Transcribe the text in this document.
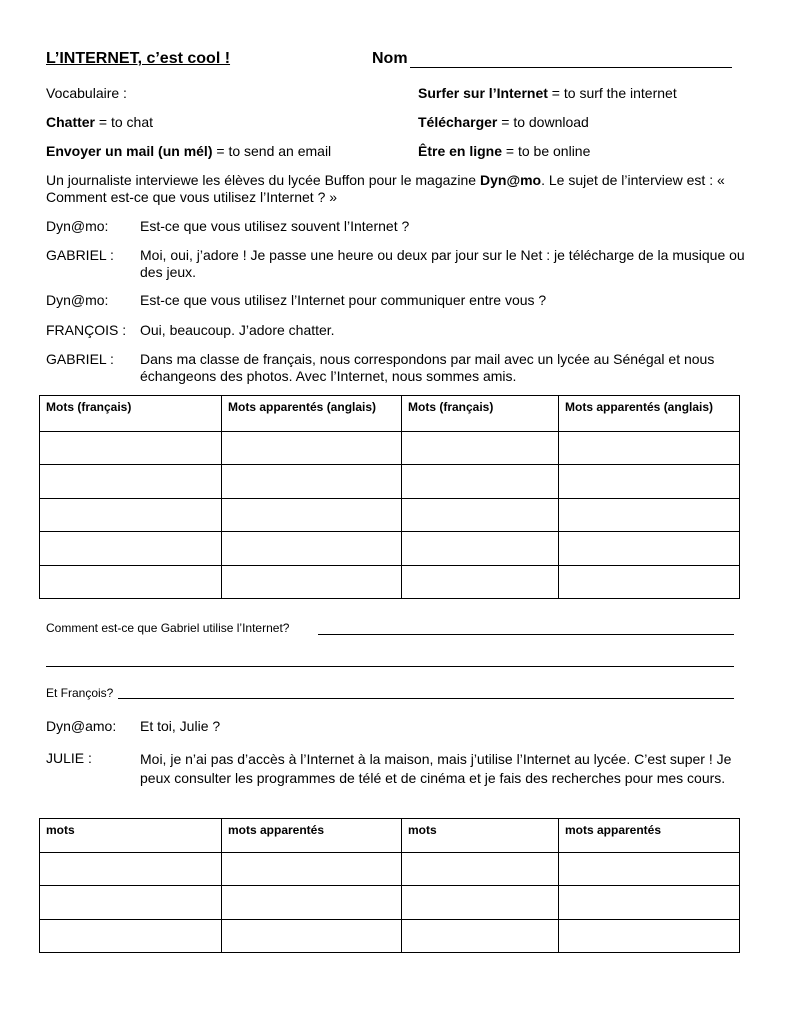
L’INTERNET, c’est cool !	Nom
Vocabulaire :	Surfer sur l’Internet = to surf the internet
Chatter = to chat	Télécharger = to download
Envoyer un mail (un mél) = to send an email	Être en ligne = to be online
Un journaliste interviewe les élèves du lycée Buffon pour le magazine Dyn@mo. Le sujet de l’interview est : « Comment est-ce que vous utilisez l’Internet ? »
Dyn@mo: Est-ce que vous utilisez souvent l’Internet ?
GABRIEL : Moi, oui, j’adore ! Je passe une heure ou deux par jour sur le Net : je télécharge de la musique ou des jeux.
Dyn@mo: Est-ce que vous utilisez l’Internet pour communiquer entre vous ?
FRANÇOIS : Oui, beaucoup. J’adore chatter.
GABRIEL : Dans ma classe de français, nous correspondons par mail avec un lycée au Sénégal et nous échangeons des photos. Avec l’Internet, nous sommes amis.
Mots (français)	Mots apparentés (anglais)	Mots (français)	Mots apparentés (anglais)

Comment est-ce que Gabriel utilise l’Internet?
Et François?
Dyn@amo: Et toi, Julie ?
JULIE :	Moi, je n’ai pas d’accès à l’Internet à la maison, mais j’utilise l’Internet au lycée. C’est super ! Je peux consulter les programmes de télé et de cinéma et je fais des recherches pour mes cours.
mots	mots apparentés	mots	mots apparentés
